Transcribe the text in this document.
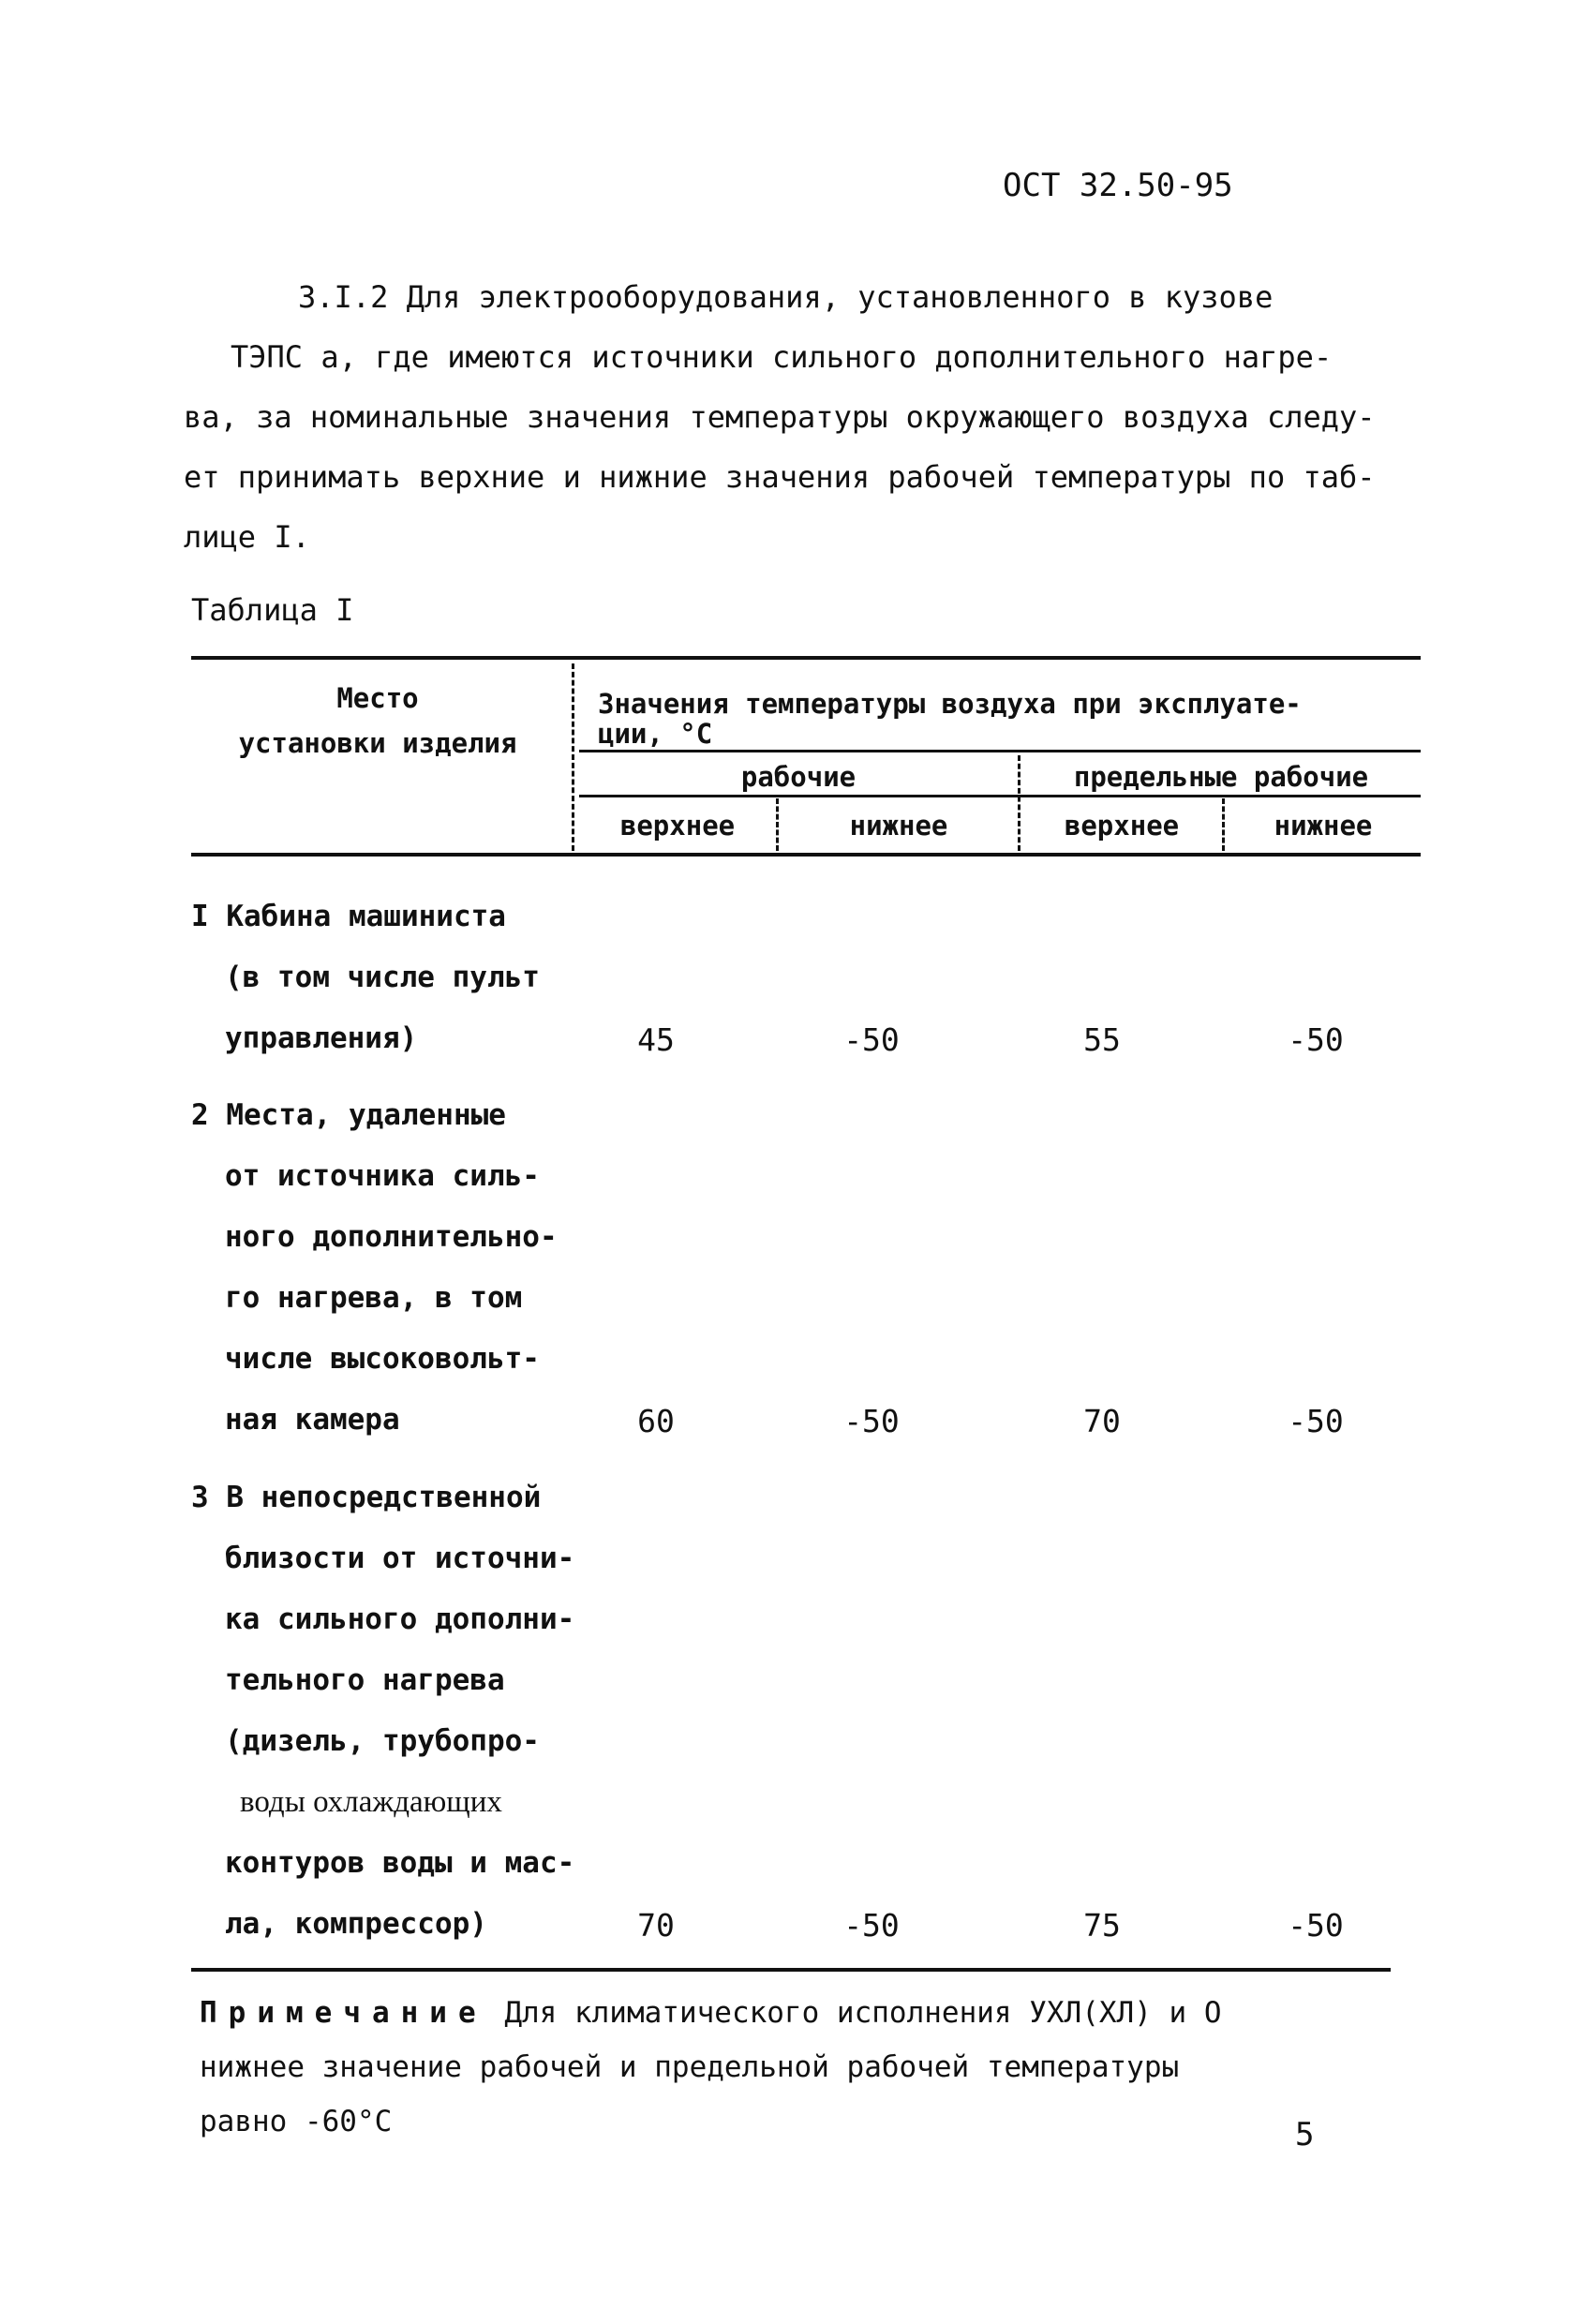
ОСТ 32.50-95
3.I.2 Для электрооборудования, установленного в кузове
ТЭПС а, где имеются источники сильного дополнительного нагре-
ва, за номинальные значения температуры окружающего воздуха следу-
ет принимать верхние и нижние значения рабочей температуры по таб-
лице I.
Таблица I
Место
установки изделия
Значения температуры воздуха при эксплуате-
ции, °С
рабочие	предельные рабочие
верхнее	нижнее	верхнее	нижнее
I Кабина машиниста
(в том числе пульт
управления)	45	-50	55	-50
2 Места, удаленные
от источника силь-
ного дополнительно-
го нагрева, в том
числе высоковольт-
ная камера	60	-50	70	-50
3 В непосредственной
близости от источни-
ка сильного дополни-
тельного нагрева
(дизель, трубопро-
воды охлаждающих
контуров воды и мас-
ла, компрессор)	70	-50	75	-50
Примечание Для климатического исполнения УХЛ(ХЛ) и О
нижнее значение рабочей и предельной рабочей температуры
равно -60°С	5
